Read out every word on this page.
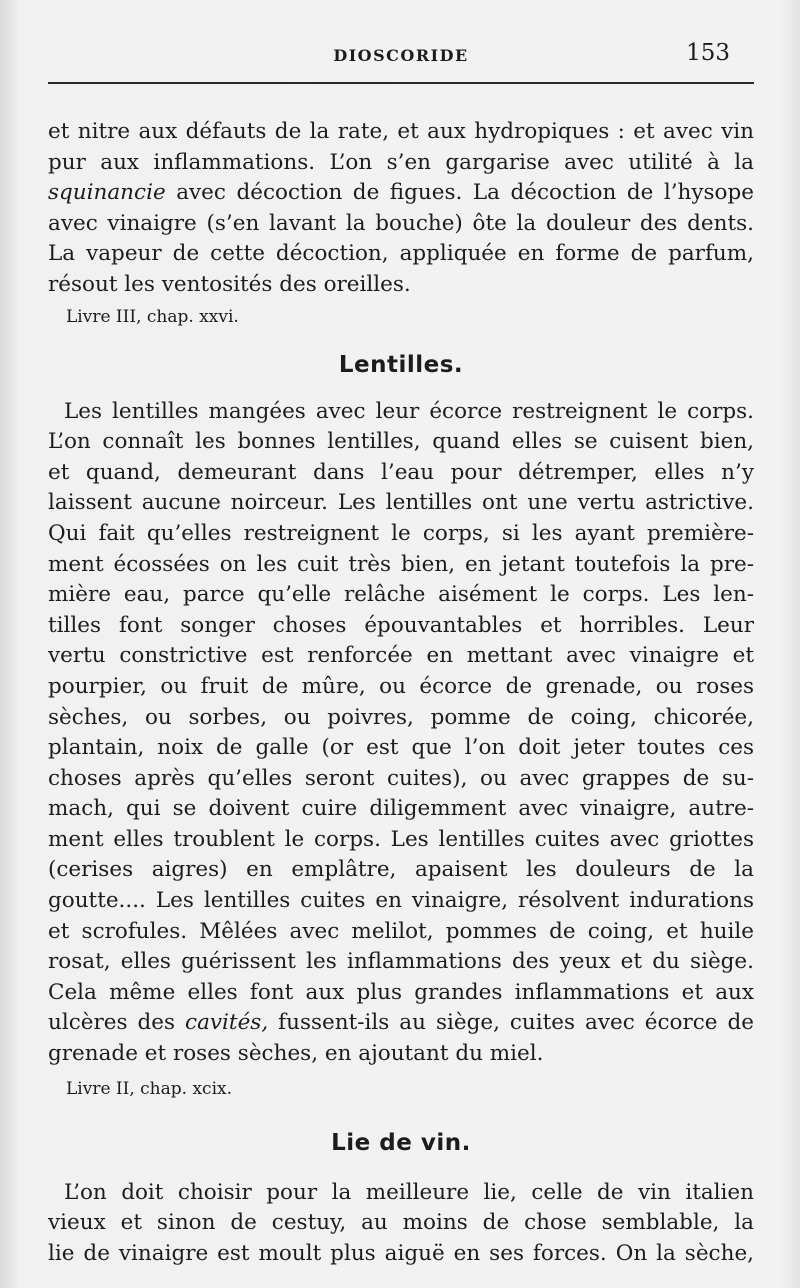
DIOSCORIDE	153
et nitre aux défauts de la rate, et aux hydropiques : et avec vin
pur aux inflammations. L’on s’en gargarise avec utilité à la
squinancie avec décoction de figues. La décoction de l’hysope
avec vinaigre (s’en lavant la bouche) ôte la douleur des dents.
La vapeur de cette décoction, appliquée en forme de parfum,
résout les ventosités des oreilles.
Livre III, chap. xxvi.
Lentilles.
Les lentilles mangées avec leur écorce restreignent le corps.
L’on connaît les bonnes lentilles, quand elles se cuisent bien,
et quand, demeurant dans l’eau pour détremper, elles n’y
laissent aucune noirceur. Les lentilles ont une vertu astrictive.
Qui fait qu’elles restreignent le corps, si les ayant première-
ment écossées on les cuit très bien, en jetant toutefois la pre-
mière eau, parce qu’elle relâche aisément le corps. Les len-
tilles font songer choses épouvantables et horribles. Leur
vertu constrictive est renforcée en mettant avec vinaigre et
pourpier, ou fruit de mûre, ou écorce de grenade, ou roses
sèches, ou sorbes, ou poivres, pomme de coing, chicorée,
plantain, noix de galle (or est que l’on doit jeter toutes ces
choses après qu’elles seront cuites), ou avec grappes de su-
mach, qui se doivent cuire diligemment avec vinaigre, autre-
ment elles troublent le corps. Les lentilles cuites avec griottes
(cerises aigres) en emplâtre, apaisent les douleurs de la
goutte.... Les lentilles cuites en vinaigre, résolvent indurations
et scrofules. Mêlées avec melilot, pommes de coing, et huile
rosat, elles guérissent les inflammations des yeux et du siège.
Cela même elles font aux plus grandes inflammations et aux
ulcères des cavités, fussent-ils au siège, cuites avec écorce de
grenade et roses sèches, en ajoutant du miel.
Livre II, chap. xcix.
Lie de vin.
L’on doit choisir pour la meilleure lie, celle de vin italien
vieux et sinon de cestuy, au moins de chose semblable, la
lie de vinaigre est moult plus aiguë en ses forces. On la sèche,
